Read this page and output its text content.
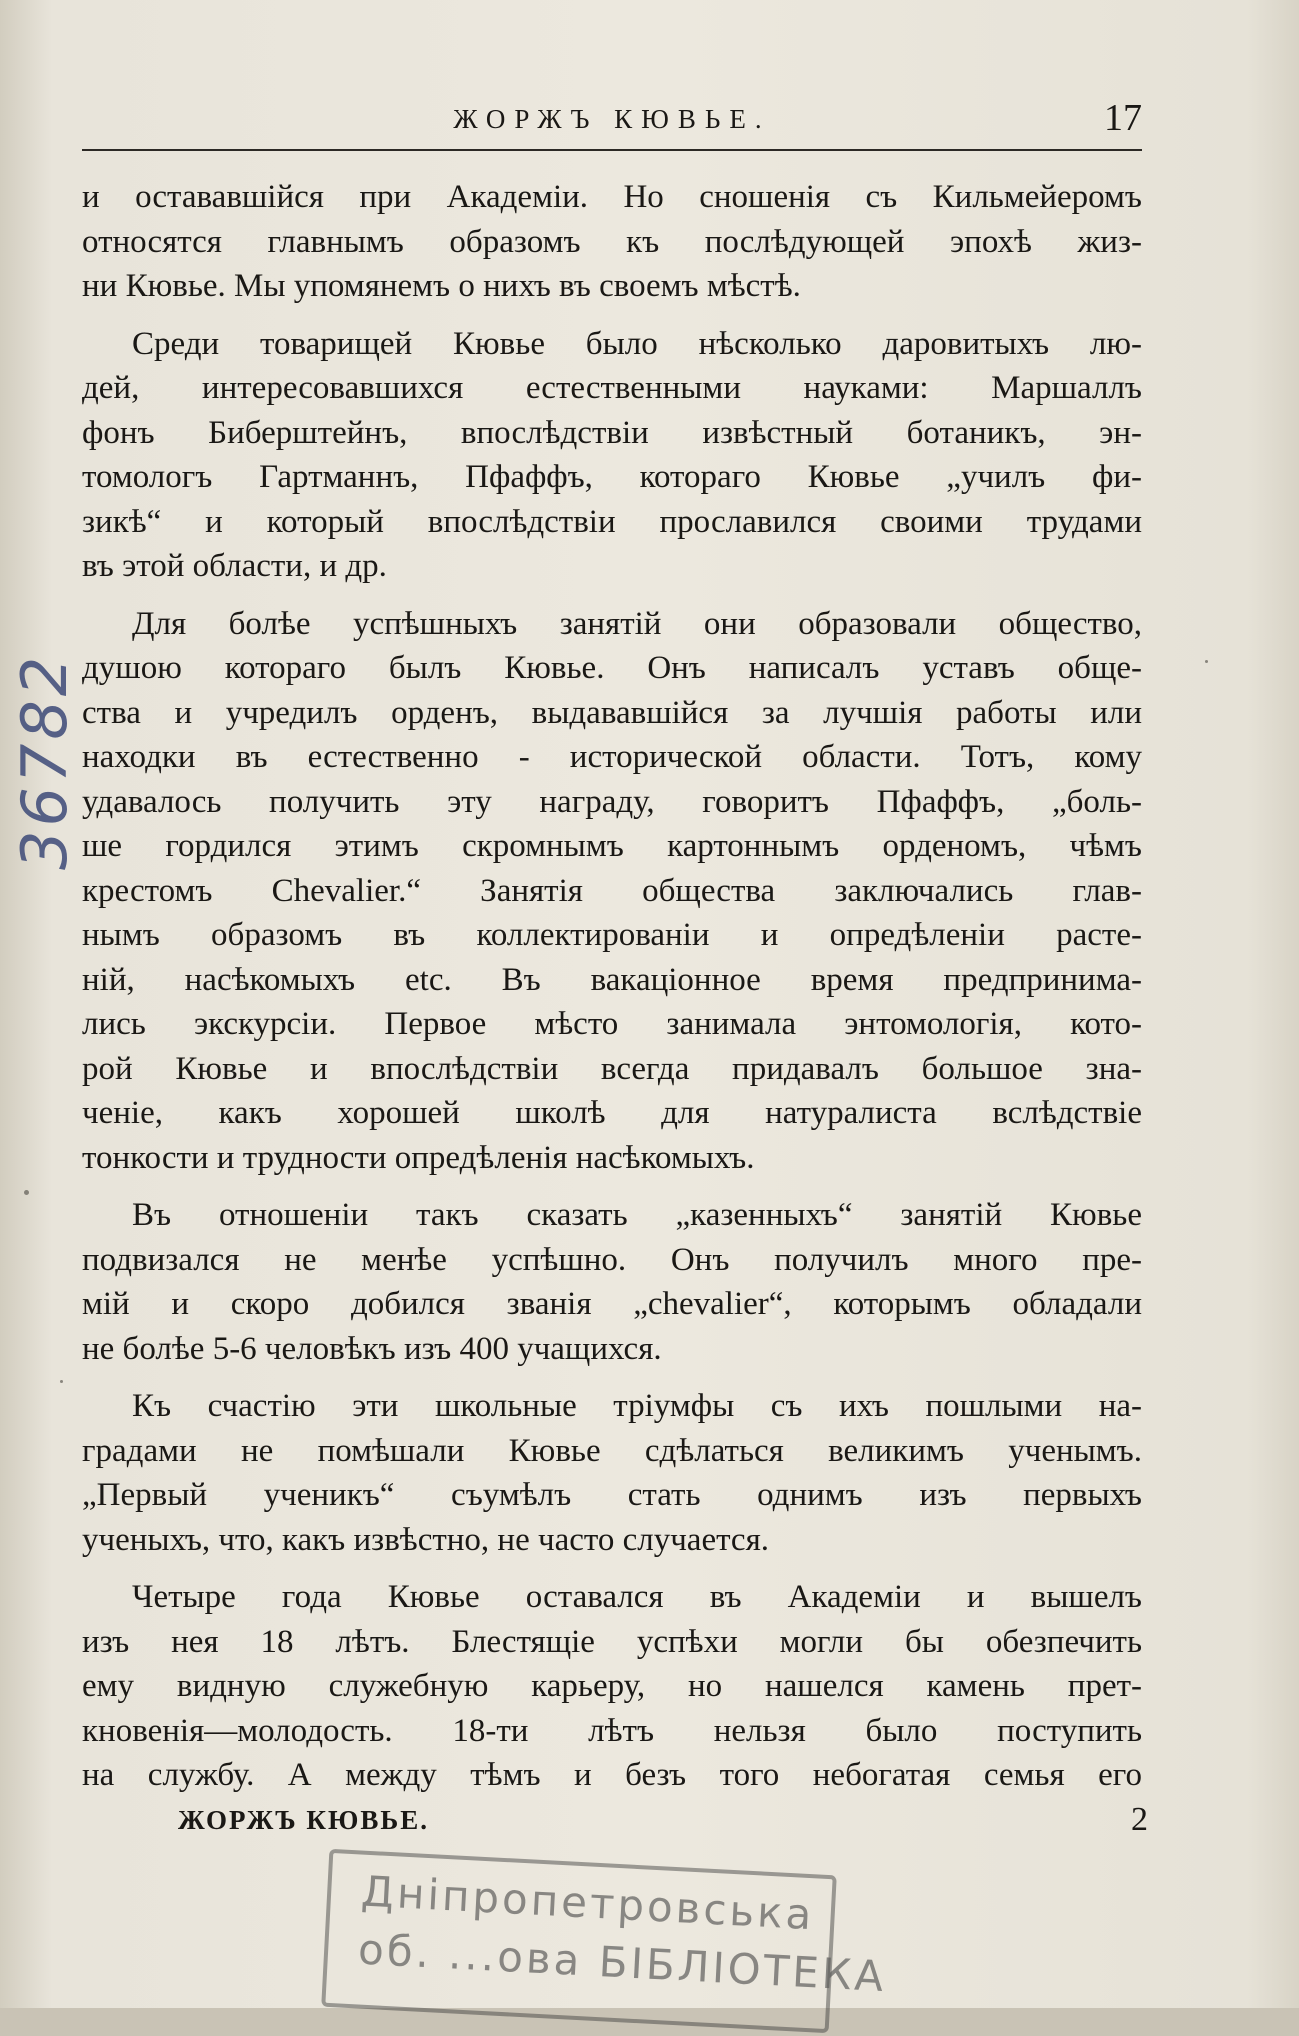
ЖОРЖЪ КЮВЬЕ.	17
и остававшійся при Академіи. Но сношенія съ Кильмейеромъ
относятся главнымъ образомъ къ послѣдующей эпохѣ жиз-
ни Кювье. Мы упомянемъ о нихъ въ своемъ мѣстѣ.
Среди товарищей Кювье было нѣсколько даровитыхъ лю-
дей, интересовавшихся естественными науками: Маршаллъ
фонъ Биберштейнъ, впослѣдствіи извѣстный ботаникъ, эн-
томологъ Гартманнъ, Пфаффъ, котораго Кювье „училъ фи-
зикѣ“ и который впослѣдствіи прославился своими трудами
въ этой области, и др.
Для болѣе успѣшныхъ занятій они образовали общество,
душою котораго былъ Кювье. Онъ написалъ уставъ обще-
ства и учредилъ орденъ, выдававшійся за лучшія работы или
находки въ естественно - исторической области. Тотъ, кому
удавалось получить эту награду, говоритъ Пфаффъ, „боль-
ше гордился этимъ скромнымъ картоннымъ орденомъ, чѣмъ
крестомъ Chevalier.“ Занятія общества заключались глав-
нымъ образомъ въ коллектированіи и опредѣленіи расте-
ній, насѣкомыхъ etc. Въ вакаціонное время предпринима-
лись экскурсіи. Первое мѣсто занимала энтомологія, кото-
рой Кювье и впослѣдствіи всегда придавалъ большое зна-
ченіе, какъ хорошей школѣ для натуралиста вслѣдствіе
тонкости и трудности опредѣленія насѣкомыхъ.
Въ отношеніи такъ сказать „казенныхъ“ занятій Кювье
подвизался не менѣе успѣшно. Онъ получилъ много пре-
мій и скоро добился званія „chevalier“, которымъ обладали
не болѣе 5-6 человѣкъ изъ 400 учащихся.
Къ счастію эти школьные тріумфы съ ихъ пошлыми на-
градами не помѣшали Кювье сдѣлаться великимъ ученымъ.
„Первый ученикъ“ съумѣлъ стать однимъ изъ первыхъ
ученыхъ, что, какъ извѣстно, не часто случается.
Четыре года Кювье оставался въ Академіи и вышелъ
изъ нея 18 лѣтъ. Блестящіе успѣхи могли бы обезпечить
ему видную служебную карьеру, но нашелся камень прет-
кновенія—молодость. 18-ти лѣтъ нельзя было поступить
на службу. А между тѣмъ и безъ того небогатая семья его
ЖОРЖЪ КЮВЬЕ.	2
36782
Дніпропетровська
об. ...ова БІБЛІОТЕКА
